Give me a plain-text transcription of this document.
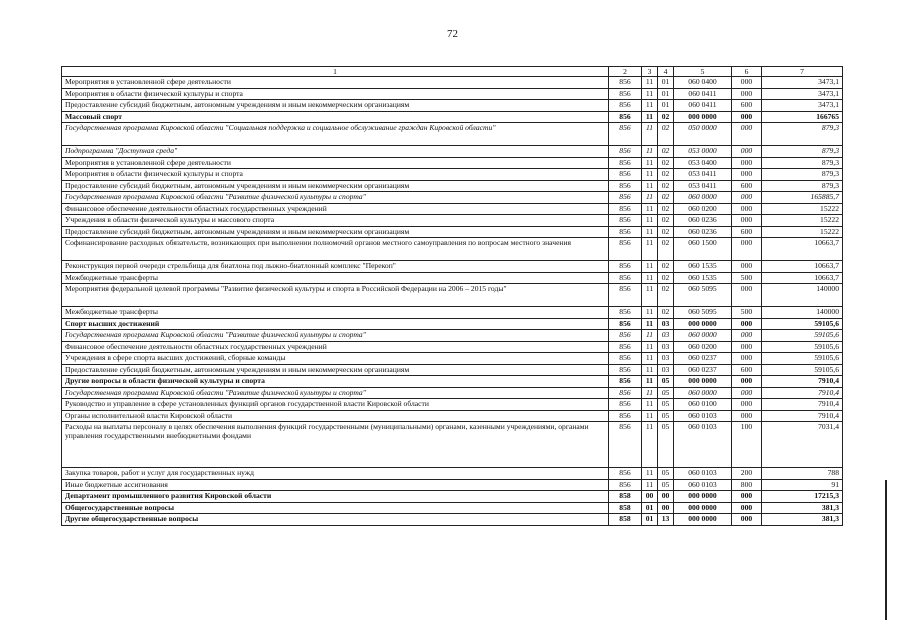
72
1	2	3	4	5	6	7
Мероприятия в установленной сфере деятельности	856	11	01	060 0400	000	3473,1
Мероприятия в области физической культуры и спорта	856	11	01	060 0411	000	3473,1
Предоставление субсидий бюджетным, автономным учреждениям и иным некоммерческим организациям	856	11	01	060 0411	600	3473,1
Массовый спорт	856	11	02	000 0000	000	166765
Государственная программа Кировской области "Социальная поддержка и социальное обслуживание граждан Кировской области"	856	11	02	050 0000	000	879,3
Подпрограмма "Доступная среда"	856	11	02	053 0000	000	879,3
Мероприятия в установленной сфере деятельности	856	11	02	053 0400	000	879,3
Мероприятия в области физической культуры и спорта	856	11	02	053 0411	000	879,3
Предоставление субсидий бюджетным, автономным учреждениям и иным некоммерческим организациям	856	11	02	053 0411	600	879,3
Государственная программа Кировской области "Развитие физической культуры и спорта"	856	11	02	060 0000	000	165885,7
Финансовое обеспечение деятельности областных государственных учреждений	856	11	02	060 0200	000	15222
Учреждения в области физической культуры и массового спорта	856	11	02	060 0236	000	15222
Предоставление субсидий бюджетным, автономным учреждениям и иным некоммерческим организациям	856	11	02	060 0236	600	15222
Софинансирование расходных обязательств, возникающих при выполнении полномочий органов местного самоуправления по вопросам местного значения	856	11	02	060 1500	000	10663,7
Реконструкция первой очереди стрельбища для биатлона под лыжно-биатлонный комплекс "Перекоп"	856	11	02	060 1535	000	10663,7
Межбюджетные трансферты	856	11	02	060 1535	500	10663,7
Мероприятия федеральной целевой программы "Развитие физической культуры и спорта в Российской Федерации на 2006 – 2015 годы"	856	11	02	060 5095	000	140000
Межбюджетные трансферты	856	11	02	060 5095	500	140000
Спорт высших достижений	856	11	03	000 0000	000	59105,6
Государственная программа Кировской области "Развитие физической культуры и спорта"	856	11	03	060 0000	000	59105,6
Финансовое обеспечение деятельности областных государственных учреждений	856	11	03	060 0200	000	59105,6
Учреждения в сфере спорта высших достижений, сборные команды	856	11	03	060 0237	000	59105,6
Предоставление субсидий бюджетным, автономным учреждениям и иным некоммерческим организациям	856	11	03	060 0237	600	59105,6
Другие вопросы в области физической культуры и спорта	856	11	05	000 0000	000	7910,4
Государственная программа Кировской области "Развитие физической культуры и спорта"	856	11	05	060 0000	000	7910,4
Руководство и управление в сфере установленных функций органов государственной власти Кировской области	856	11	05	060 0100	000	7910,4
Органы исполнительной власти Кировской области	856	11	05	060 0103	000	7910,4
Расходы на выплаты персоналу в целях обеспечения выполнения функций государственными (муниципальными) органами, казенными учреждениями, органами управления государственными внебюджетными фондами	856	11	05	060 0103	100	7031,4
Закупка товаров, работ и услуг для государственных нужд	856	11	05	060 0103	200	788
Иные бюджетные ассигнования	856	11	05	060 0103	800	91
Департамент промышленного развития Кировской области	858	00	00	000 0000	000	17215,3
Общегосударственные вопросы	858	01	00	000 0000	000	381,3
Другие общегосударственные вопросы	858	01	13	000 0000	000	381,3
